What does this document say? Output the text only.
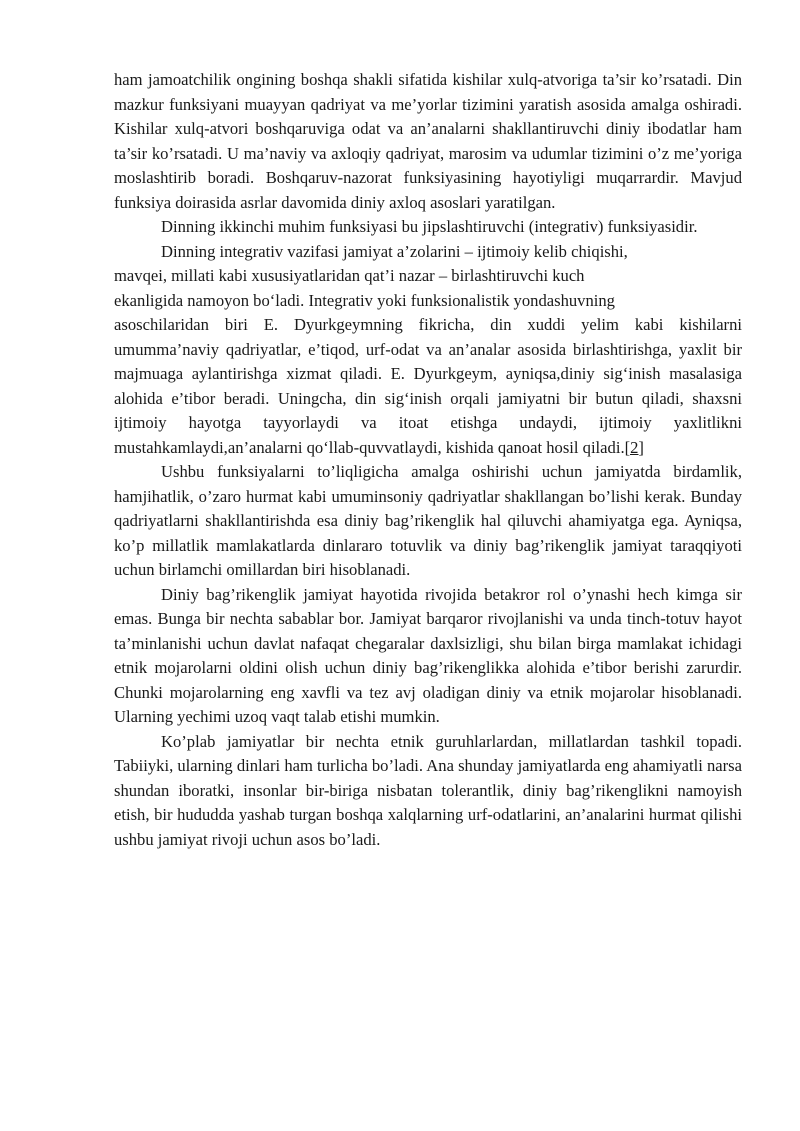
ham jamoatchilik ongining boshqa shakli sifatida kishilar xulq-atvoriga ta’sir ko’rsatadi. Din mazkur funksiyani muayyan qadriyat va me’yorlar tizimini yaratish asosida amalga oshiradi. Kishilar xulq-atvori boshqaruviga odat va an’analarni shakllantiruvchi diniy ibodatlar ham ta’sir ko’rsatadi. U ma’naviy va axloqiy qadriyat, marosim va udumlar tizimini o’z me’yoriga moslashtirib boradi. Boshqaruv-nazorat funksiyasining hayotiyligi muqarrardir. Mavjud funksiya doirasida asrlar davomida diniy axloq asoslari yaratilgan.

Dinning ikkinchi muhim funksiyasi bu jipslashtiruvchi (integrativ) funksiyasidir.

Dinning integrativ vazifasi jamiyat a’zolarini – ijtimoiy kelib chiqishi,

mavqei, millati kabi xususiyatlaridan qat’i nazar – birlashtiruvchi kuch

ekanligida namoyon bo‘ladi. Integrativ yoki funksionalistik yondashuvning

asoschilaridan biri E. Dyurkgeymning fikricha, din xuddi yelim kabi kishilarni umumma’naviy qadriyatlar, e’tiqod, urf-odat va an’analar asosida birlashtirishga, yaxlit bir majmuaga aylantirishga xizmat qiladi. E. Dyurkgeym, ayniqsa,diniy sig‘inish masalasiga alohida e’tibor beradi. Uningcha, din sig‘inish orqali jamiyatni bir butun qiladi, shaxsni ijtimoiy hayotga tayyorlaydi va itoat etishga undaydi, ijtimoiy yaxlitlikni mustahkamlaydi,an’analarni qo‘llab-quvvatlaydi, kishida qanoat hosil qiladi.[2]

Ushbu funksiyalarni to’liqligicha amalga oshirishi uchun jamiyatda birdamlik, hamjihatlik, o’zaro hurmat kabi umuminsoniy qadriyatlar shakllangan bo’lishi kerak. Bunday qadriyatlarni shakllantirishda esa diniy bag’rikenglik hal qiluvchi ahamiyatga ega. Ayniqsa, ko’p millatlik mamlakatlarda dinlararo totuvlik va diniy bag’rikenglik jamiyat taraqqiyoti uchun birlamchi omillardan biri hisoblanadi.

Diniy bag’rikenglik jamiyat hayotida rivojida betakror rol o’ynashi hech kimga sir emas. Bunga bir nechta sabablar bor. Jamiyat barqaror rivojlanishi va unda tinch-totuv hayot ta’minlanishi uchun davlat nafaqat chegaralar daxlsizligi, shu bilan birga mamlakat ichidagi etnik mojarolarni oldini olish uchun diniy bag’rikenglikka alohida e’tibor berishi zarurdir. Chunki mojarolarning eng xavfli va tez avj oladigan diniy va etnik mojarolar hisoblanadi. Ularning yechimi uzoq vaqt talab etishi mumkin.

Ko’plab jamiyatlar bir nechta etnik guruhlarlardan, millatlardan tashkil topadi. Tabiiyki, ularning dinlari ham turlicha bo’ladi. Ana shunday jamiyatlarda eng ahamiyatli narsa shundan iboratki, insonlar bir-biriga nisbatan tolerantlik, diniy bag’rikenglikni namoyish etish, bir hududda yashab turgan boshqa xalqlarning urf-odatlarini, an’analarini hurmat qilishi ushbu jamiyat rivoji uchun asos bo’ladi.
